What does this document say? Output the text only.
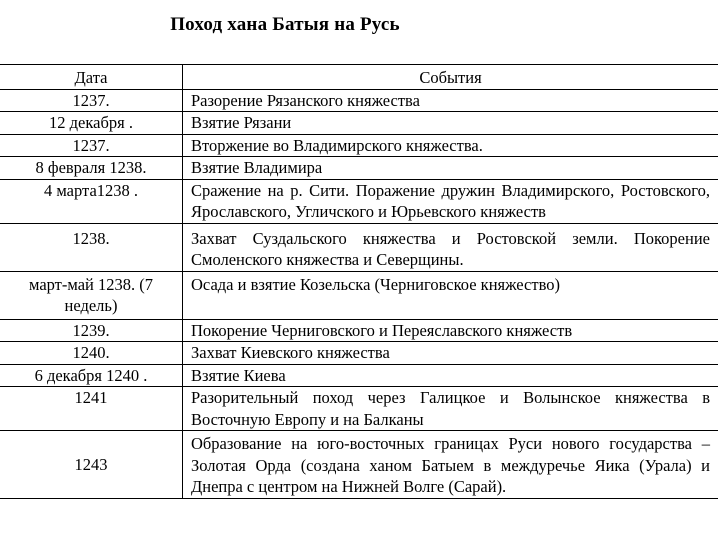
Поход хана Батыя на Русь
Дата	События
1237.	Разорение Рязанского княжества
12 декабря .	Взятие Рязани
1237.	Вторжение во Владимирского княжества.
8 февраля 1238.	Взятие Владимира
4 марта1238 .	Сражение на р. Сити. Поражение дружин Владимирского, Ростовского, Ярославского, Угличского и Юрьевского княжеств
1238.	Захват Суздальского княжества и Ростовской земли. Покорение Смоленского княжества и Северщины.
март-май 1238. (7 недель)	Осада и взятие Козельска (Черниговское княжество)
1239.	Покорение Черниговского и Переяславского княжеств
1240.	Захват Киевского княжества
6 декабря 1240 .	Взятие Киева
1241	Разорительный поход через Галицкое и Волынское княжества в Восточную Европу и на Балканы
1243	Образование на юго-восточных границах Руси нового государства – Золотая Орда (создана ханом Батыем в междуречье Яика (Урала) и Днепра с центром на Нижней Волге (Сарай).
